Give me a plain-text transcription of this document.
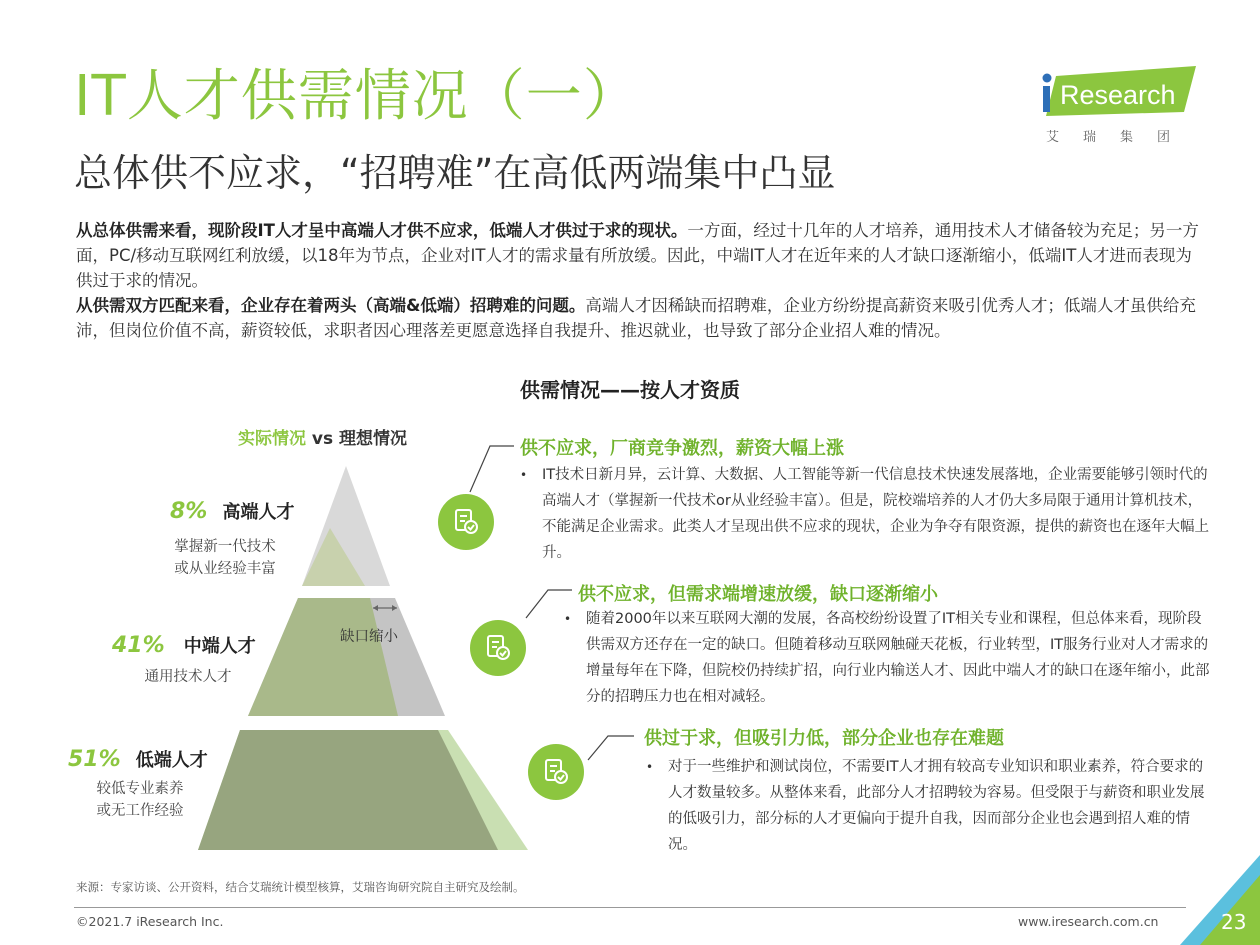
IT人才供需情况（一）
总体供不应求，“招聘难”在高低两端集中凸显
Research
艾瑞集团

从总体供需来看，现阶段IT人才呈中高端人才供不应求，低端人才供过于求的现状。一方面，经过十几年的人才培养，通用技术人才储备较为充足；另一方面，PC/移动互联网红利放缓，以18年为节点，企业对IT人才的需求量有所放缓。因此，中端IT人才在近年来的人才缺口逐渐缩小，低端IT人才进而表现为供过于求的情况。

从供需双方匹配来看，企业存在着两头（高端&低端）招聘难的问题。高端人才因稀缺而招聘难，企业方纷纷提高薪资来吸引优秀人才；低端人才虽供给充沛，但岗位价值不高，薪资较低，求职者因心理落差更愿意选择自我提升、推迟就业，也导致了部分企业招人难的情况。

供需情况——按人才资质
实际情况 vs 理想情况
缺口缩小
8% 高端人才
掌握新一代技术
或从业经验丰富
41% 中端人才
通用技术人才
51% 低端人才
较低专业素养
或无工作经验
供不应求，厂商竞争激烈，薪资大幅上涨
• IT技术日新月异，云计算、大数据、人工智能等新一代信息技术快速发展落地，企业需要能够引领时代的高端人才（掌握新一代技术or从业经验丰富）。但是，院校端培养的人才仍大多局限于通用计算机技术，不能满足企业需求。此类人才呈现出供不应求的现状，企业为争夺有限资源，提供的薪资也在逐年大幅上升。
供不应求，但需求端增速放缓，缺口逐渐缩小
• 随着2000年以来互联网大潮的发展，各高校纷纷设置了IT相关专业和课程，但总体来看，现阶段供需双方还存在一定的缺口。但随着移动互联网触碰天花板，行业转型，IT服务行业对人才需求的增量每年在下降，但院校仍持续扩招，向行业内输送人才、因此中端人才的缺口在逐年缩小，此部分的招聘压力也在相对减轻。
供过于求，但吸引力低，部分企业也存在难题
• 对于一些维护和测试岗位，不需要IT人才拥有较高专业知识和职业素养，符合要求的人才数量较多。从整体来看，此部分人才招聘较为容易。但受限于与薪资和职业发展的低吸引力，部分标的人才更偏向于提升自我，因而部分企业也会遇到招人难的情况。
来源：专家访谈、公开资料，结合艾瑞统计模型核算，艾瑞咨询研究院自主研究及绘制。
©2021.7 iResearch Inc.	www.iresearch.com.cn	23
